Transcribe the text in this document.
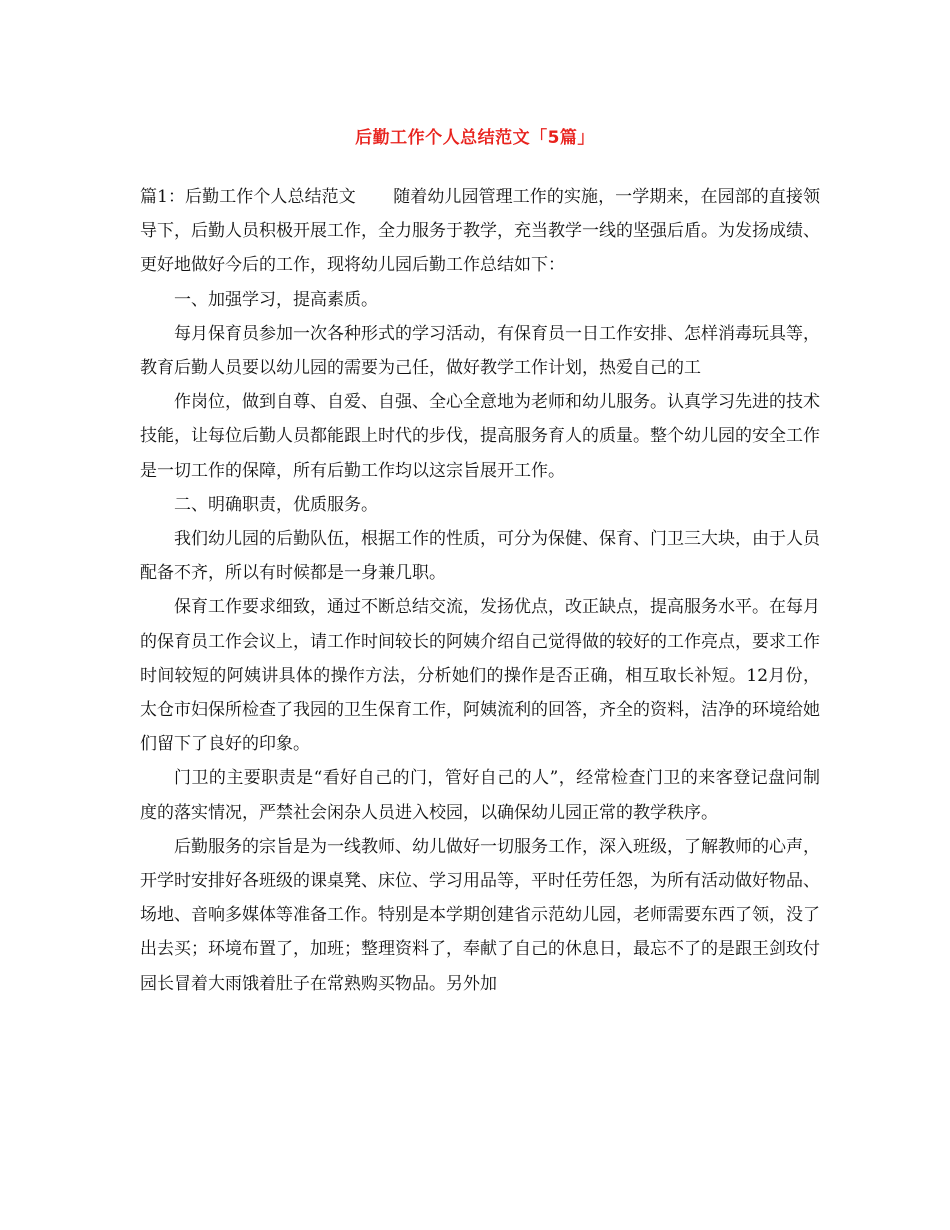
后勤工作个人总结范文「5篇」

篇1：后勤工作个人总结范文 随着幼儿园管理工作的实施，一学期来，在园部的直接领导下，后勤人员积极开展工作，全力服务于教学，充当教学一线的坚强后盾。为发扬成绩、更好地做好今后的工作，现将幼儿园后勤工作总结如下：

一、加强学习，提高素质。

每月保育员参加一次各种形式的学习活动，有保育员一日工作安排、怎样消毒玩具等，教育后勤人员要以幼儿园的需要为己任，做好教学工作计划，热爱自己的工

作岗位，做到自尊、自爱、自强、全心全意地为老师和幼儿服务。认真学习先进的技术技能，让每位后勤人员都能跟上时代的步伐，提高服务育人的质量。整个幼儿园的安全工作是一切工作的保障，所有后勤工作均以这宗旨展开工作。

二、明确职责，优质服务。

我们幼儿园的后勤队伍，根据工作的性质，可分为保健、保育、门卫三大块，由于人员配备不齐，所以有时候都是一身兼几职。

保育工作要求细致，通过不断总结交流，发扬优点，改正缺点，提高服务水平。在每月的保育员工作会议上，请工作时间较长的阿姨介绍自己觉得做的较好的工作亮点，要求工作时间较短的阿姨讲具体的操作方法，分析她们的操作是否正确，相互取长补短。12月份，太仓市妇保所检查了我园的卫生保育工作，阿姨流利的回答，齐全的资料，洁净的环境给她们留下了良好的印象。

门卫的主要职责是“看好自己的门，管好自己的人”，经常检查门卫的来客登记盘问制度的落实情况，严禁社会闲杂人员进入校园，以确保幼儿园正常的教学秩序。

后勤服务的宗旨是为一线教师、幼儿做好一切服务工作，深入班级，了解教师的心声，开学时安排好各班级的课桌凳、床位、学习用品等，平时任劳任怨，为所有活动做好物品、场地、音响多媒体等准备工作。特别是本学期创建省示范幼儿园，老师需要东西了领，没了出去买；环境布置了，加班；整理资料了，奉献了自己的休息日，最忘不了的是跟王剑玫付园长冒着大雨饿着肚子在常熟购买物品。另外加
